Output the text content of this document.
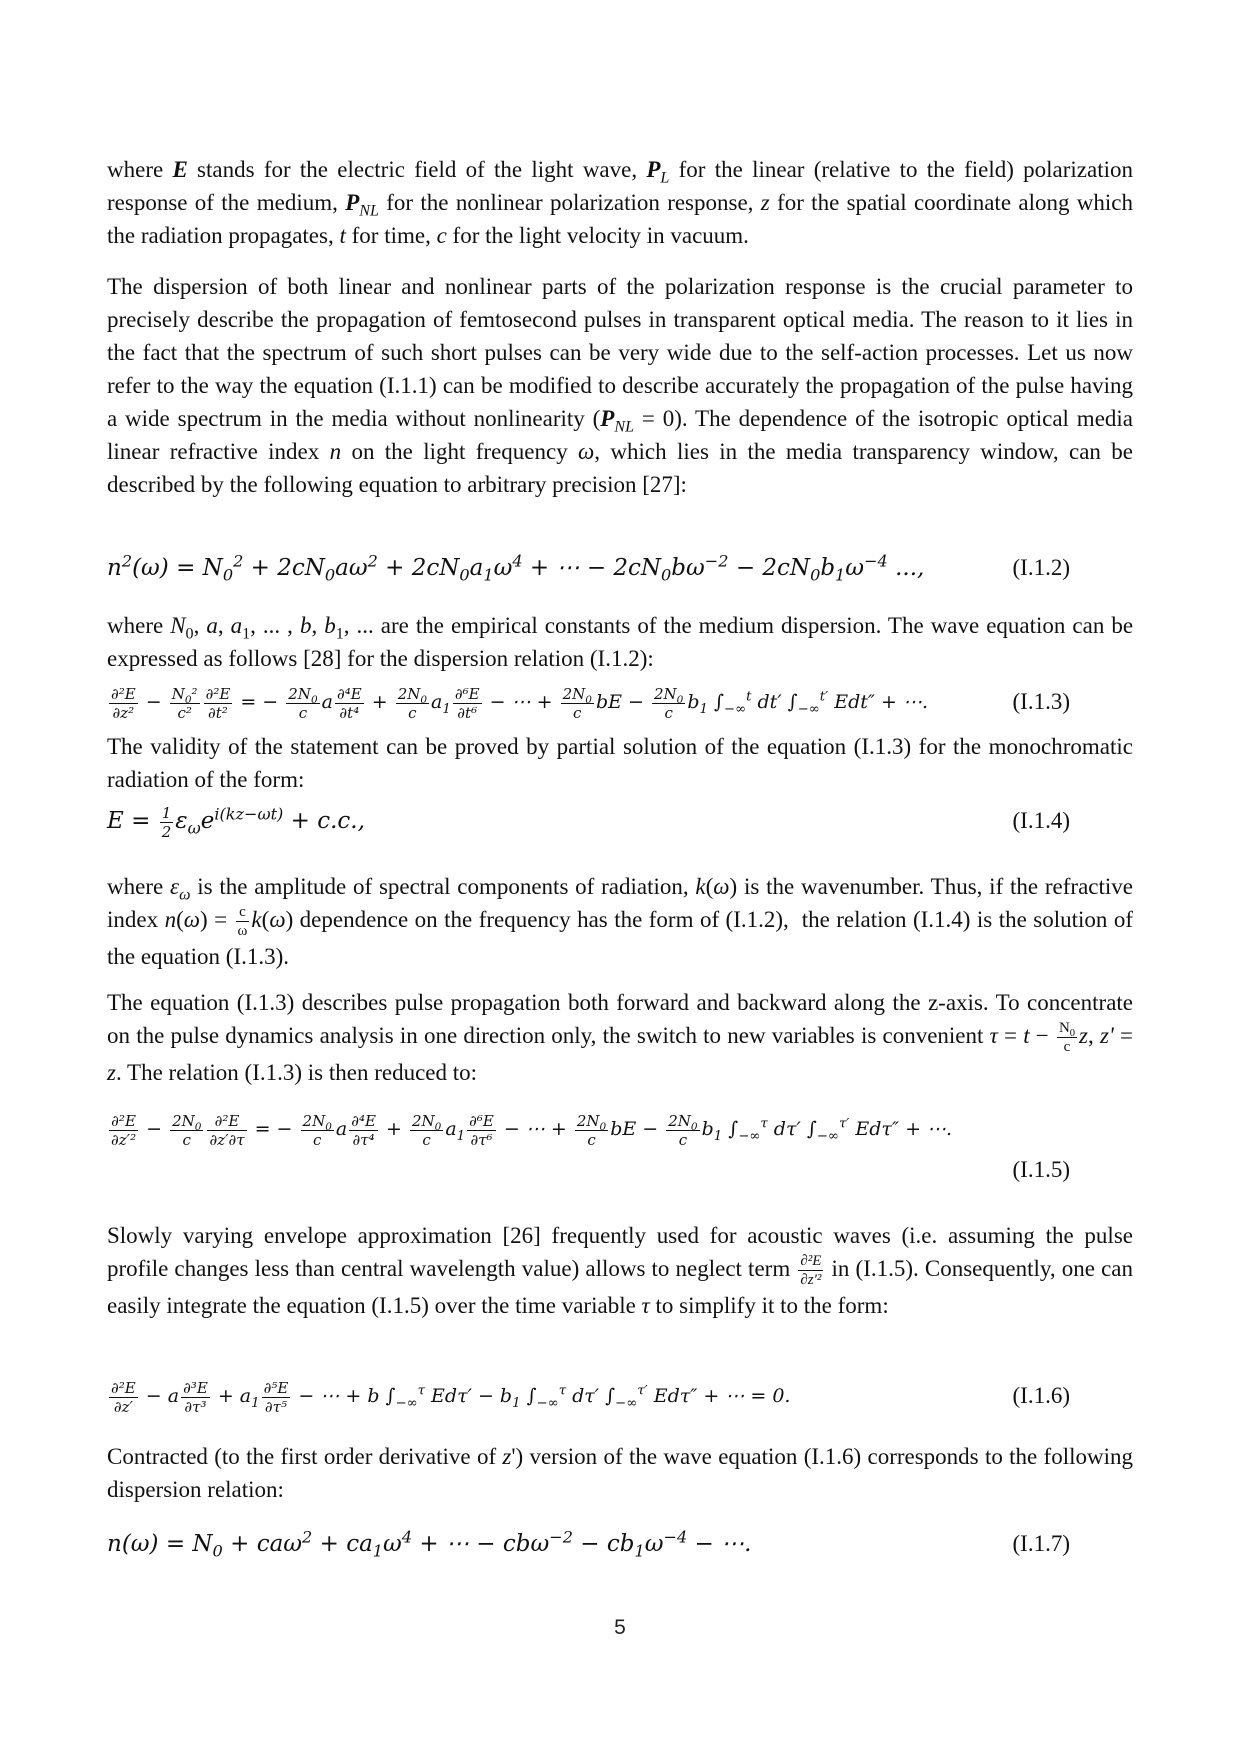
where E stands for the electric field of the light wave, $P_L$ for the linear (relative to the field) polarization response of the medium, $P_{NL}$ for the nonlinear polarization response, z for the spatial coordinate along which the radiation propagates, t for time, c for the light velocity in vacuum.

The dispersion of both linear and nonlinear parts of the polarization response is the crucial parameter to precisely describe the propagation of femtosecond pulses in transparent optical media. The reason to it lies in the fact that the spectrum of such short pulses can be very wide due to the self-action processes. Let us now refer to the way the equation (I.1.1) can be modified to describe accurately the propagation of the pulse having a wide spectrum in the media without nonlinearity $(P_{NL} = 0)$. The dependence of the isotropic optical media linear refractive index n on the light frequency ω, which lies in the media transparency window, can be described by the following equation to arbitrary precision [27]:

$n^2(\omega) = N_0^2 + 2cN_0a\omega^2 + 2cN_0a_1\omega^4$ + ⋯ − $2cN_0b\omega^{-2} - 2cN_0b_1\omega^{-4}$ ...,	(I.1.2)

where $N_0$, a, $a_1$, ... , b, $b_1$, ... are the empirical constants of the medium dispersion. The wave equation can be expressed as follows [28] for the dispersion relation (I.1.2):

$\frac{\text{∂²E}}{\text{∂z²}} - \frac{N_0^2}{\text{c²}} \frac{\text{∂²E}}{\text{∂t²}}$ = − $\frac{2N_0}{c}$ a $\frac{\text{∂⁴E}}{\text{∂t⁴}} + \frac{2N_0}{c} a_1 \frac{\text{∂⁶E}}{\text{∂t⁶}}$ − ⋯ + $\frac{2N_0}{c}$ bE − $\frac{2N_0}{c} b_1$ $\int_{-\infty}^t$ dt′ $\int_{-\infty}^{t'}$ Edt″ + ⋯.	(I.1.3)

The validity of the statement can be proved by partial solution of the equation (I.1.3) for the monochromatic radiation of the form:

$E = \frac{1}{2} \varepsilon_\omega e^{i(kz-\omega t)} + c.c$.,	(I.1.4)

where $\varepsilon_\omega$ is the amplitude of spectral components of radiation, k(ω) is the wavenumber. Thus, if the refractive index $n(\omega) = \frac{c}{\omega} k(\omega)$ dependence on the frequency has the form of (I.1.2),  the relation (I.1.4) is the solution of the equation (I.1.3).

The equation (I.1.3) describes pulse propagation both forward and backward along the z-axis. To concentrate on the pulse dynamics analysis in one direction only, the switch to new variables is convenient $\tau = t - \frac{N_0}{c} z$, z' = z. The relation (I.1.3) is then reduced to:

$\frac{\text{∂²E}}{\text{∂z′²}} - \frac{2N_0}{c} \frac{\text{∂²E}}{\partial z'\partial\tau}$ = − $\frac{2N_0}{c}$ a $\frac{\text{∂⁴E}}{\text{∂τ⁴}} + \frac{2N_0}{c} a_1 \frac{\text{∂⁶E}}{\text{∂τ⁶}}$ − ⋯ + $\frac{2N_0}{c}$ bE − $\frac{2N_0}{c} b_1$ $\int_{-\infty}^\tau$ dτ′ $\int_{-\infty}^{\tau'}$ Edτ″ + ⋯.
(I.1.5)

Slowly varying envelope approximation [26] frequently used for acoustic waves (i.e. assuming the pulse profile changes less than central wavelength value) allows to neglect term $\frac{\text{∂²E}}{\text{∂z′²}}$ in (I.1.5). Consequently, one can easily integrate the equation (I.1.5) over the time variable τ to simplify it to the form:

$\frac{\text{∂²E}}{\partial z'} - a \frac{\text{∂³E}}{\text{∂τ³}} + a_1 \frac{\text{∂⁵E}}{\text{∂τ⁵}}$ − ⋯ + b $\int_{-\infty}^\tau$ $Ed\tau' - b_1$ $\int_{-\infty}^\tau$ dτ′ $\int_{-\infty}^{\tau'}$ Edτ″ + ⋯ = 0.	(I.1.6)

Contracted (to the first order derivative of z') version of the wave equation (I.1.6) corresponds to the following dispersion relation:

$n(\omega) = N_0 + ca\omega^2 + ca_1\omega^4$ + ⋯ − $cb\omega^{-2} - cb_1\omega^{-4}$ − ⋯.	(I.1.7)
5
